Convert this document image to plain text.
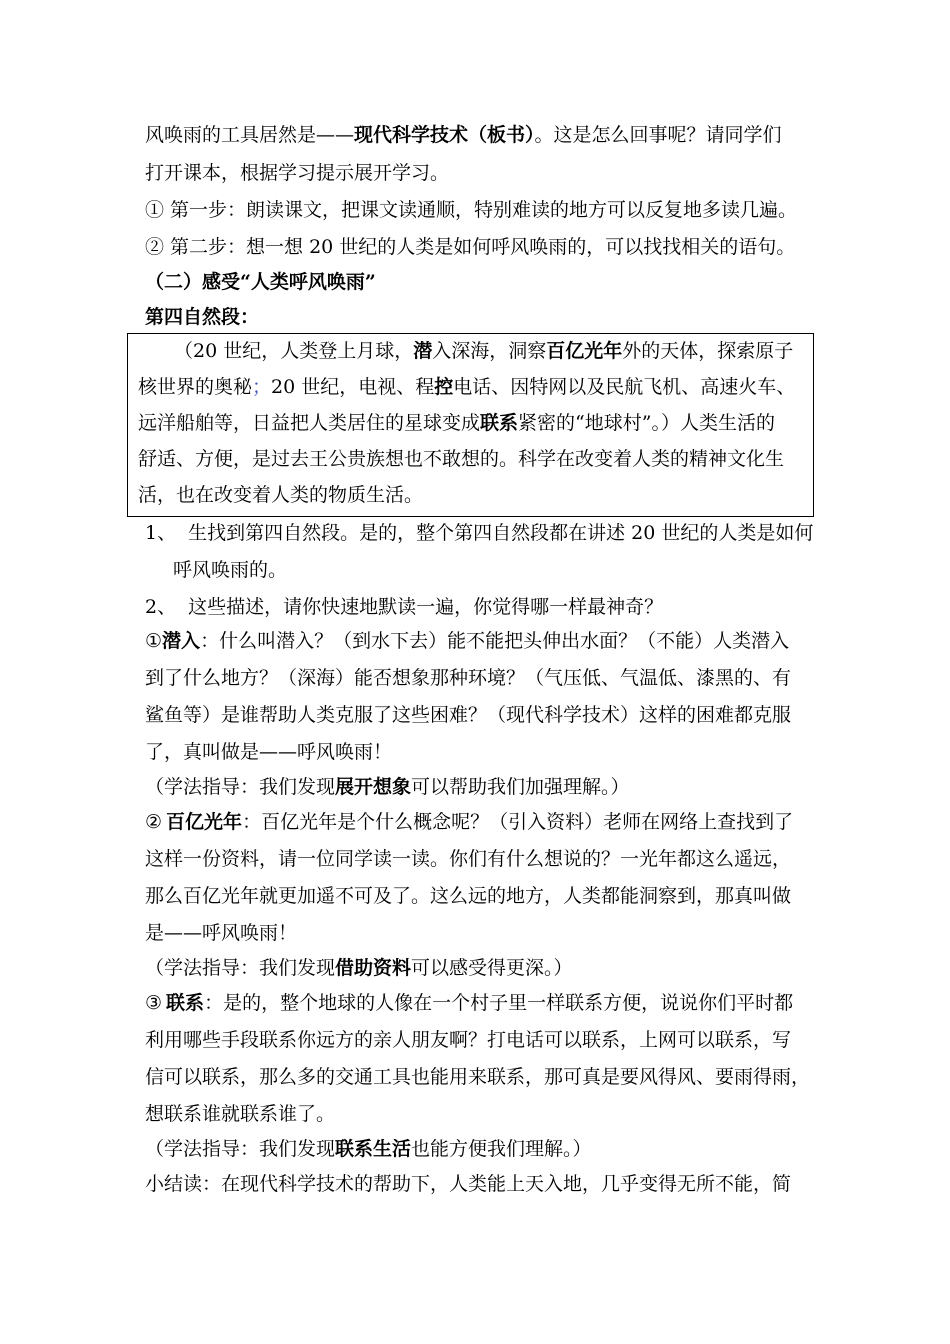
风唤雨的工具居然是——现代科学技术（板书）。这是怎么回事呢？请同学们
打开课本，根据学习提示展开学习。
① 第一步：朗读课文，把课文读通顺，特别难读的地方可以反复地多读几遍。
② 第二步：想一想 20 世纪的人类是如何呼风唤雨的，可以找找相关的语句。
（二）感受“人类呼风唤雨”
第四自然段：
（20 世纪，人类登上月球，潜入深海，洞察百亿光年外的天体，探索原子
核世界的奥秘；20 世纪，电视、程控电话、因特网以及民航飞机、高速火车、
远洋船舶等，日益把人类居住的星球变成联系紧密的“地球村”。）人类生活的
舒适、方便，是过去王公贵族想也不敢想的。科学在改变着人类的精神文化生
活，也在改变着人类的物质生活。
1、 生找到第四自然段。是的，整个第四自然段都在讲述 20 世纪的人类是如何
呼风唤雨的。
2、 这些描述，请你快速地默读一遍，你觉得哪一样最神奇？
①潜入：什么叫潜入？（到水下去）能不能把头伸出水面？（不能）人类潜入
到了什么地方？（深海）能否想象那种环境？（气压低、气温低、漆黑的、有
鲨鱼等）是谁帮助人类克服了这些困难？（现代科学技术）这样的困难都克服
了，真叫做是——呼风唤雨！
（学法指导：我们发现展开想象可以帮助我们加强理解。）
② 百亿光年：百亿光年是个什么概念呢？（引入资料）老师在网络上查找到了
这样一份资料，请一位同学读一读。你们有什么想说的？一光年都这么遥远，
那么百亿光年就更加遥不可及了。这么远的地方，人类都能洞察到，那真叫做
是——呼风唤雨！
（学法指导：我们发现借助资料可以感受得更深。）
③ 联系：是的，整个地球的人像在一个村子里一样联系方便，说说你们平时都
利用哪些手段联系你远方的亲人朋友啊？打电话可以联系，上网可以联系，写
信可以联系，那么多的交通工具也能用来联系，那可真是要风得风、要雨得雨，
想联系谁就联系谁了。
（学法指导：我们发现联系生活也能方便我们理解。）
小结读：在现代科学技术的帮助下，人类能上天入地，几乎变得无所不能，简
